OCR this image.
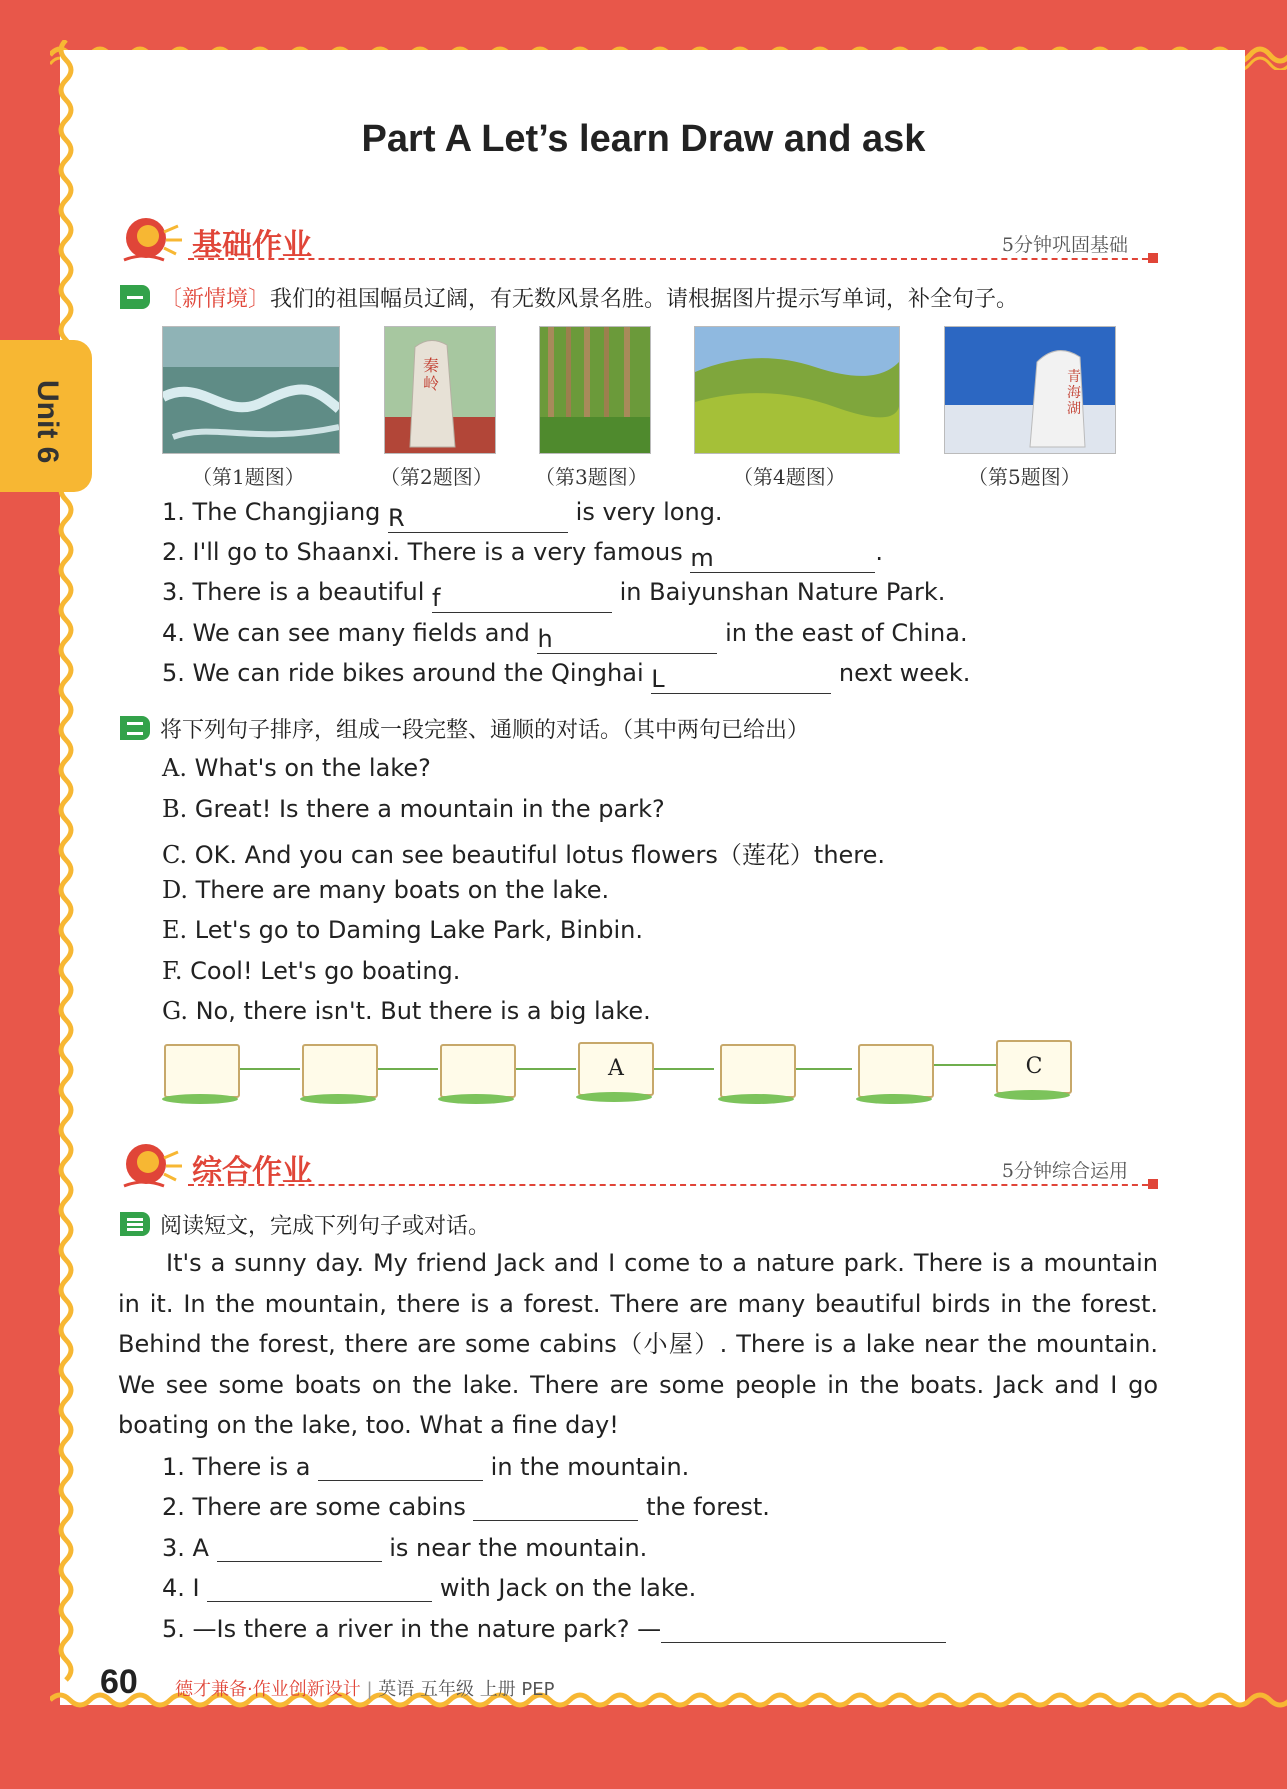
Unit 6
Part A Let’s learn Draw and ask
基础作业	5分钟巩固基础
〔新情境〕我们的祖国幅员辽阔，有无数风景名胜。请根据图片提示写单词，补全句子。
秦岭	青海湖
（第1题图）	（第2题图） （第3题图）	（第4题图）	（第5题图）
1. The Changjiang R	is very long.
2. I'll go to Shaanxi. There is a very famous m	.
3. There is a beautiful f	in Baiyunshan Nature Park.
4. We can see many fields and h	in the east of China.
5. We can ride bikes around the Qinghai L	next week.
将下列句子排序，组成一段完整、通顺的对话。（其中两句已给出）
A. What's on the lake?
B. Great! Is there a mountain in the park?
C. OK. And you can see beautiful lotus flowers（莲花）there.
D. There are many boats on the lake.
E. Let's go to Daming Lake Park, Binbin.
F. Cool! Let's go boating.
G. No, there isn't. But there is a big lake.
A	C
综合作业	5分钟综合运用
阅读短文，完成下列句子或对话。
It's a sunny day. My friend Jack and I come to a nature park. There is a mountain in it. In the mountain, there is a forest. There are many beautiful birds in the forest. Behind the forest, there are some cabins（小屋）. There is a lake near the mountain. We see some boats on the lake. There are some people in the boats. Jack and I go boating on the lake, too. What a fine day!
1. There is a	in the mountain.
2. There are some cabins	the forest.
3. A	is near the mountain.
4. I	with Jack on the lake.
5. —Is there a river in the nature park? —
60 德才兼备·作业创新设计 | 英语 五年级 上册 PEP
